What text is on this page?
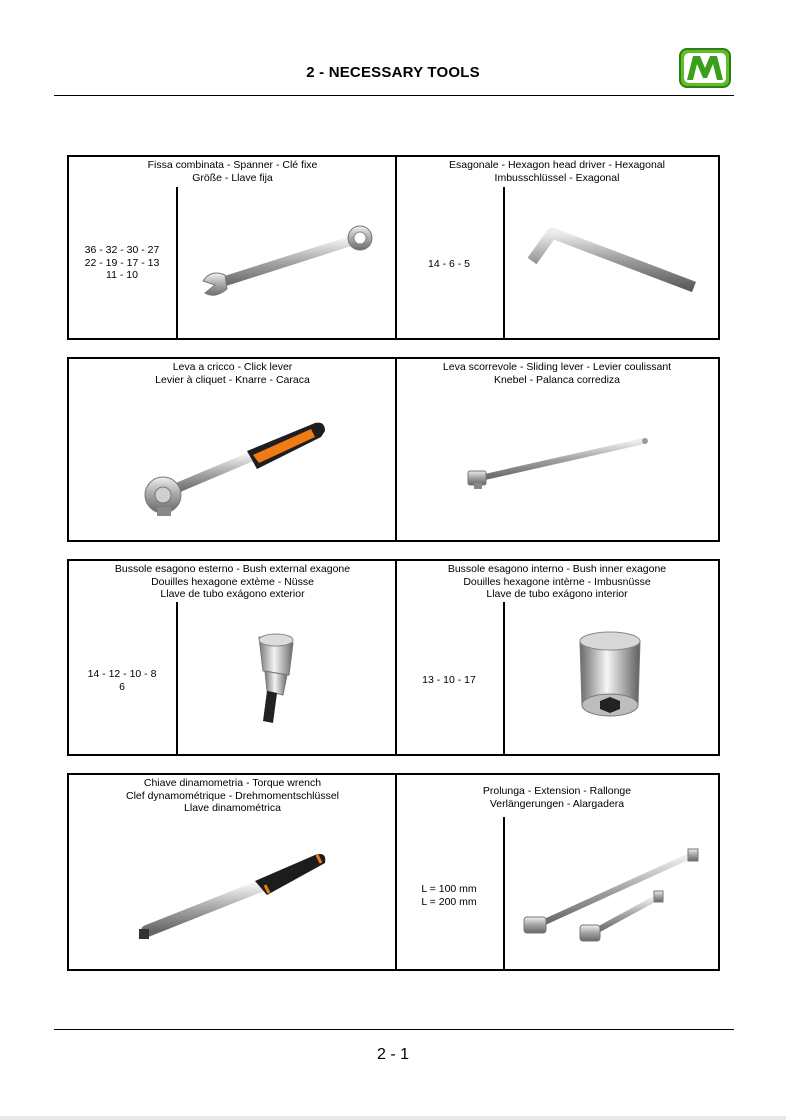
2 - NECESSARY TOOLS
Fissa combinata - Spanner - Clé fixe
Größe - Llave fija
36 - 32 - 30 - 27
22 - 19 - 17 - 13
11 - 10
Esagonale - Hexagon head driver - Hexagonal
Imbusschlüssel - Exagonal
14 - 6 - 5
Leva a cricco - Click lever
Levier à cliquet - Knarre - Caraca
Leva scorrevole - Sliding lever - Levier coulissant
Knebel - Palanca corrediza
Bussole esagono esterno - Bush external exagone
Douilles hexagone extème - Nüsse
Llave de tubo exágono exterior
14 - 12 - 10 - 8
6
Bussole esagono interno - Bush inner exagone
Douilles hexagone intèrne - Imbusnüsse
Llave de tubo exágono interior
13 - 10 - 17
Chiave dinamometria - Torque wrench
Clef dynamométrique - Drehmomentschlüssel
Llave dinamométrica
Prolunga - Extension - Rallonge
Verlängerungen - Alargadera
L = 100 mm
L = 200 mm
2 - 1
